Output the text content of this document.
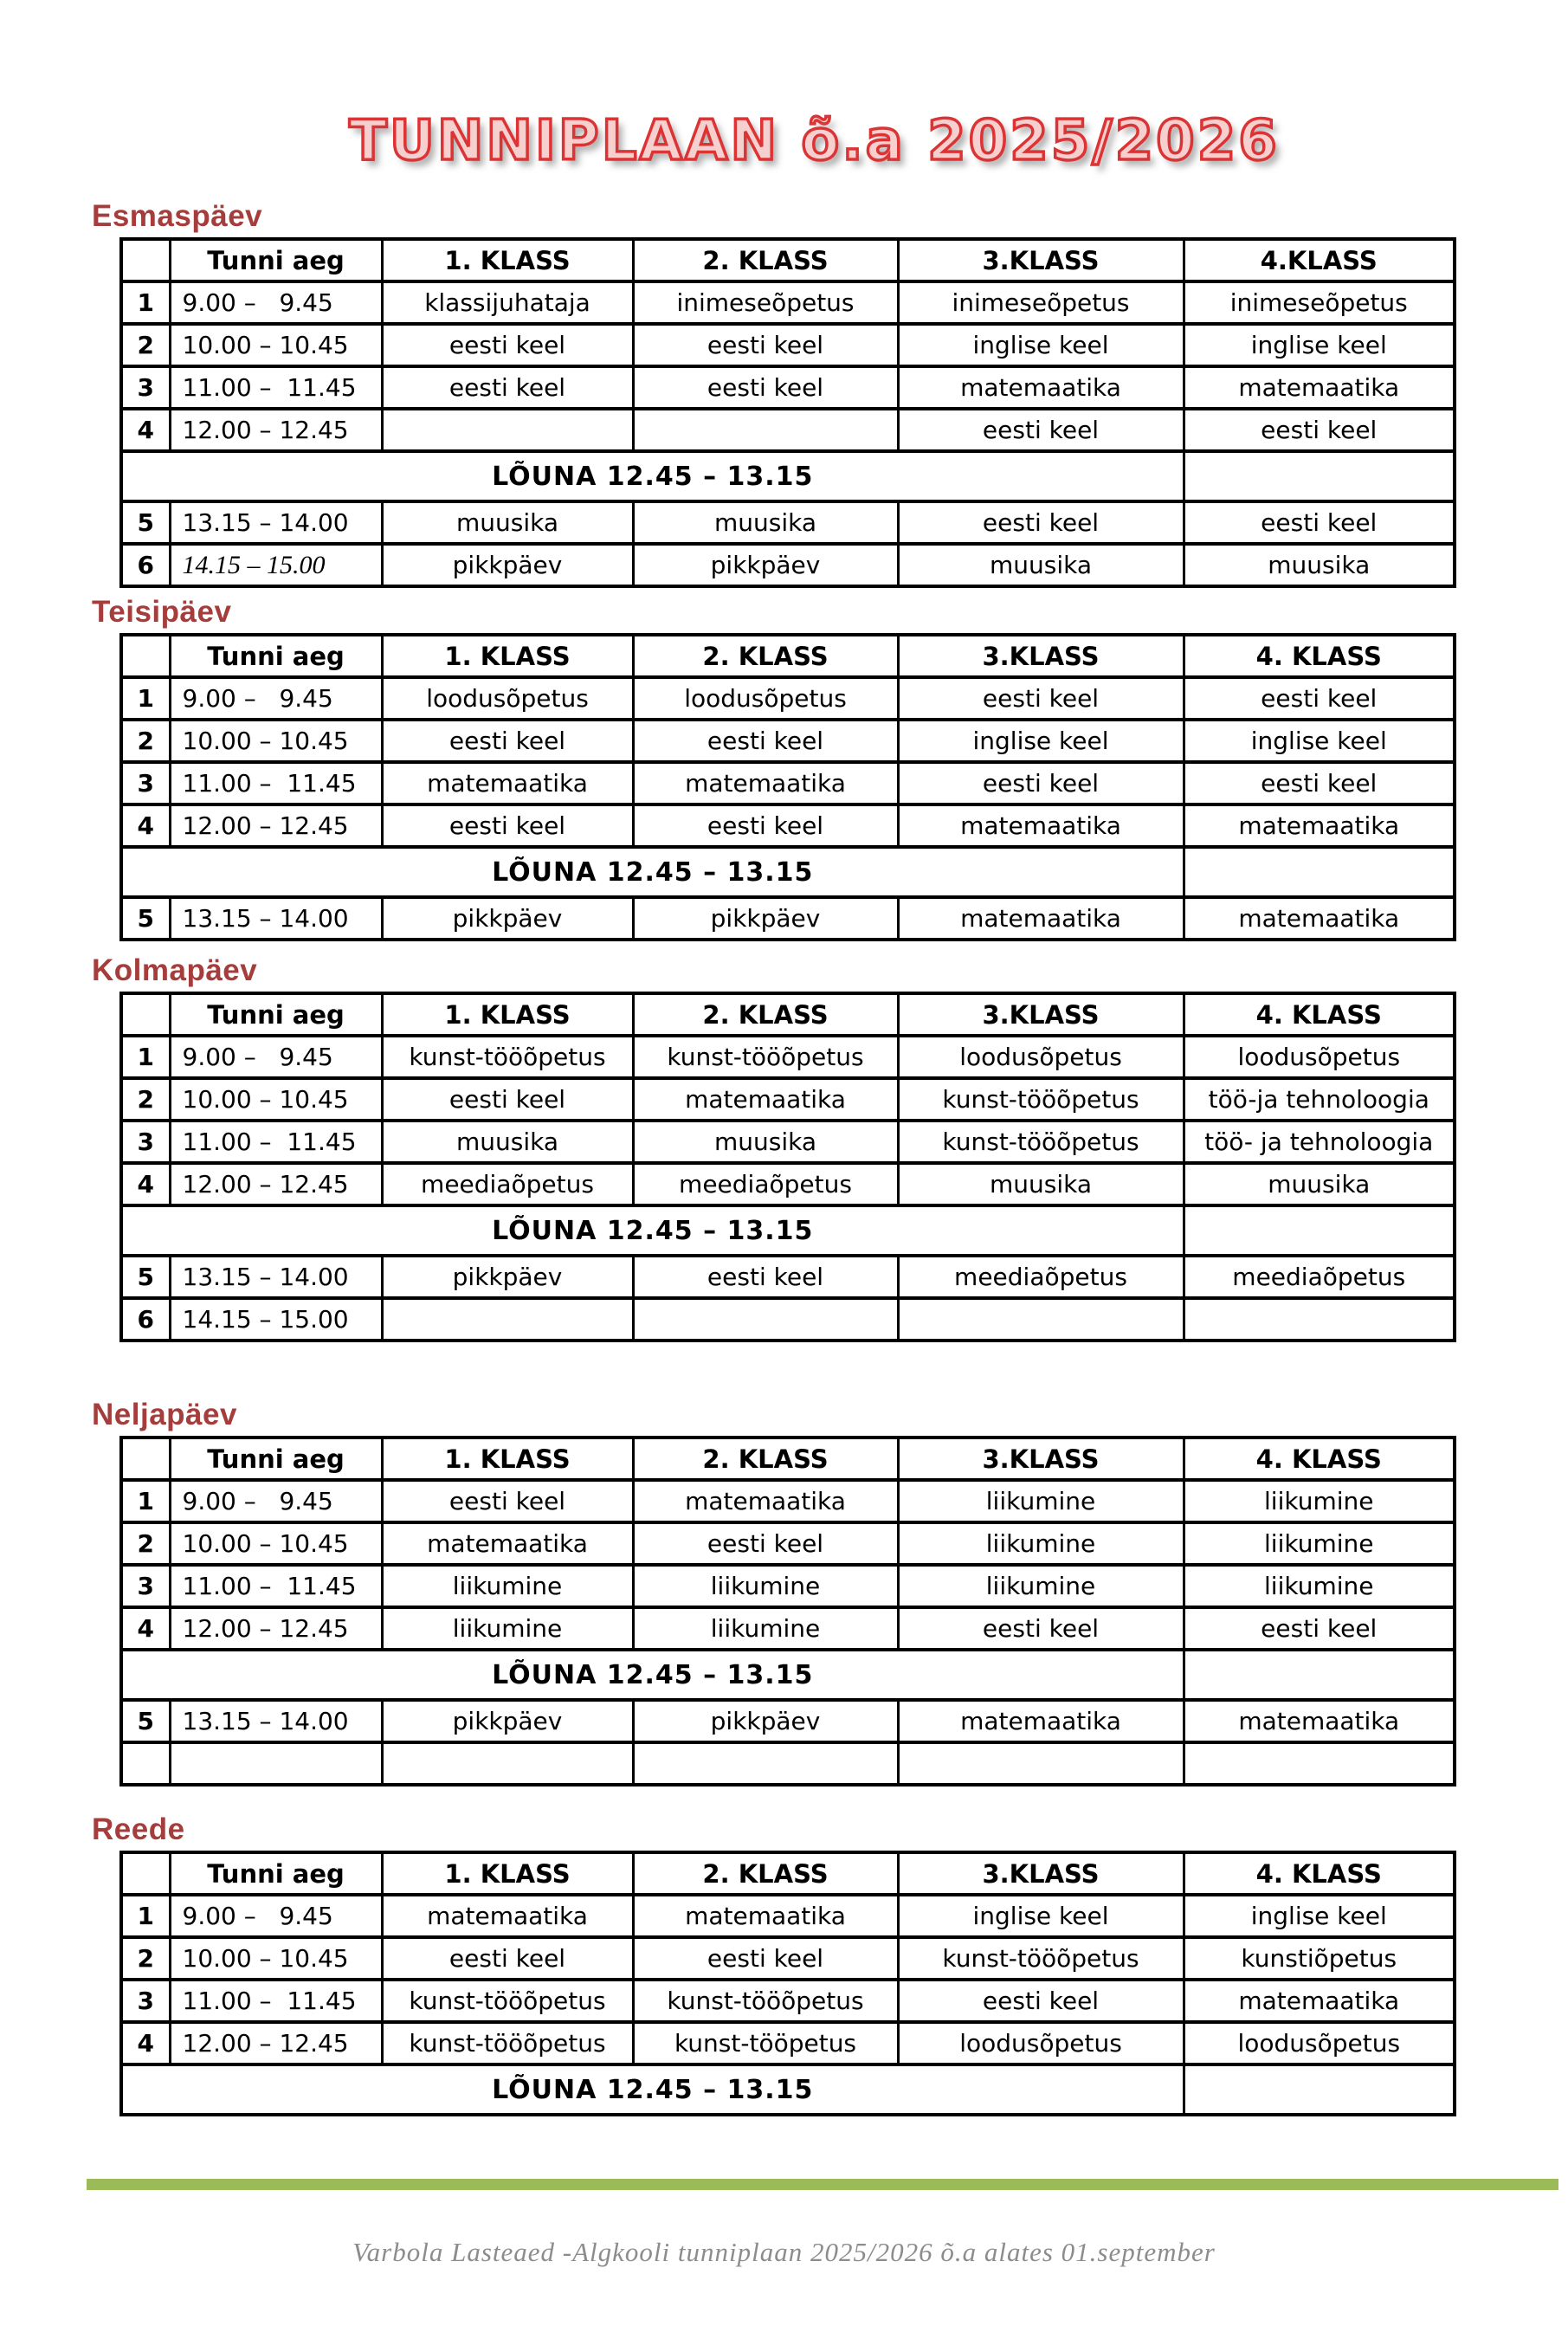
TUNNIPLAAN õ.a 2025/2026
Esmaspäev
	Tunni aeg	1. KLASS	2. KLASS	3.KLASS	4.KLASS
1	9.00 –   9.45	klassijuhataja	inimeseõpetus	inimeseõpetus	inimeseõpetus
2	10.00 – 10.45	eesti keel	eesti keel	inglise keel	inglise keel
3	11.00 –  11.45	eesti keel	eesti keel	matemaatika	matemaatika
4	12.00 – 12.45			eesti keel	eesti keel
LÕUNA 12.45 – 13.15					
5	13.15 – 14.00	muusika	muusika	eesti keel	eesti keel
6	14.15 – 15.00	pikkpäev	pikkpäev	muusika	muusika
Teisipäev
	Tunni aeg	1. KLASS	2. KLASS	3.KLASS	4. KLASS
1	9.00 –   9.45	loodusõpetus	loodusõpetus	eesti keel	eesti keel
2	10.00 – 10.45	eesti keel	eesti keel	inglise keel	inglise keel
3	11.00 –  11.45	matemaatika	matemaatika	eesti keel	eesti keel
4	12.00 – 12.45	eesti keel	eesti keel	matemaatika	matemaatika
LÕUNA 12.45 – 13.15					
5	13.15 – 14.00	pikkpäev	pikkpäev	matemaatika	matemaatika
Kolmapäev
	Tunni aeg	1. KLASS	2. KLASS	3.KLASS	4. KLASS
1	9.00 –   9.45	kunst-tööõpetus	kunst-tööõpetus	loodusõpetus	loodusõpetus
2	10.00 – 10.45	eesti keel	matemaatika	kunst-tööõpetus	töö-ja tehnoloogia
3	11.00 –  11.45	muusika	muusika	kunst-tööõpetus	töö- ja tehnoloogia
4	12.00 – 12.45	meediaõpetus	meediaõpetus	muusika	muusika
LÕUNA 12.45 – 13.15					
5	13.15 – 14.00	pikkpäev	eesti keel	meediaõpetus	meediaõpetus
6	14.15 – 15.00				
Neljapäev
	Tunni aeg	1. KLASS	2. KLASS	3.KLASS	4. KLASS
1	9.00 –   9.45	eesti keel	matemaatika	liikumine	liikumine
2	10.00 – 10.45	matemaatika	eesti keel	liikumine	liikumine
3	11.00 –  11.45	liikumine	liikumine	liikumine	liikumine
4	12.00 – 12.45	liikumine	liikumine	eesti keel	eesti keel
LÕUNA 12.45 – 13.15					
5	13.15 – 14.00	pikkpäev	pikkpäev	matemaatika	matemaatika

Reede
	Tunni aeg	1. KLASS	2. KLASS	3.KLASS	4. KLASS
1	9.00 –   9.45	matemaatika	matemaatika	inglise keel	inglise keel
2	10.00 – 10.45	eesti keel	eesti keel	kunst-tööõpetus	kunstiõpetus
3	11.00 –  11.45	kunst-tööõpetus	kunst-tööõpetus	eesti keel	matemaatika
4	12.00 – 12.45	kunst-tööõpetus	kunst-tööpetus	loodusõpetus	loodusõpetus
LÕUNA 12.45 – 13.15					
Varbola Lasteaed -Algkooli tunniplaan 2025/2026 õ.a alates 01.september
